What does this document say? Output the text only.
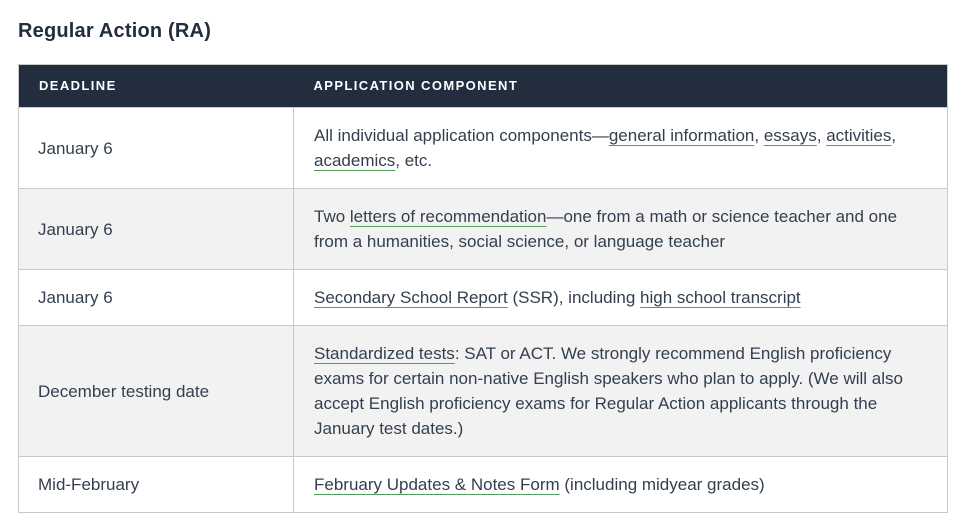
Regular Action (RA)
DEADLINE	APPLICATION COMPONENT
January 6	All individual application components—general information, essays, activities, academics, etc.
January 6	Two letters of recommendation—one from a math or science teacher and one from a humanities, social science, or language teacher
January 6	Secondary School Report (SSR), including high school transcript
December testing date	Standardized tests: SAT or ACT. We strongly recommend English proficiency exams for certain non-native English speakers who plan to apply. (We will also accept English proficiency exams for Regular Action applicants through the January test dates.)
Mid-February	February Updates & Notes Form (including midyear grades)
